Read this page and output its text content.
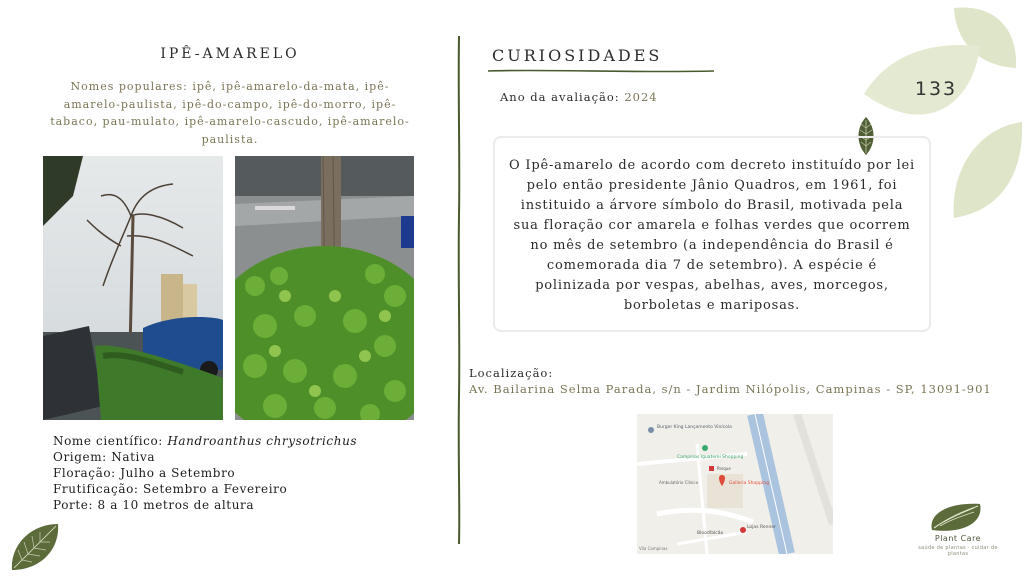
133
IPÊ-AMARELO
Nomes populares: ipê, ipê-amarelo-da-mata, ipê-amarelo-paulista, ipê-do-campo, ipê-do-morro, ipê-tabaco, pau-mulato, ipê-amarelo-cascudo, ipê-amarelo-paulista.
Nome científico: Handroanthus chrysotrichus
Origem: Nativa
Floração: Julho a Setembro
Frutificação: Setembro a Fevereiro
Porte: 8 a 10 metros de altura
CURIOSIDADES
Ano da avaliação: 2024
O Ipê-amarelo de acordo com decreto instituído por lei pelo então presidente Jânio Quadros, em 1961, foi instituido a árvore símbolo do Brasil, motivada pela sua floração cor amarela e folhas verdes que ocorrem no mês de setembro (a independência do Brasil é comemorada dia 7 de setembro). A espécie é polinizada por vespas, abelhas, aves, morcegos, borboletas e mariposas.
Localização:
Av. Bailarina Selma Parada, s/n - Jardim Nilópolis, Campinas - SP, 13091-901
Burger King Lançamento Vinícola
Campinas Iguatemi Shopping
Parque
Galleria Shopping
Ambulatório Clínico
Bloodfalcão
Lojas Renner
Vila Campinas
Plant Care
saúde de plantas · cuidar de plantas
